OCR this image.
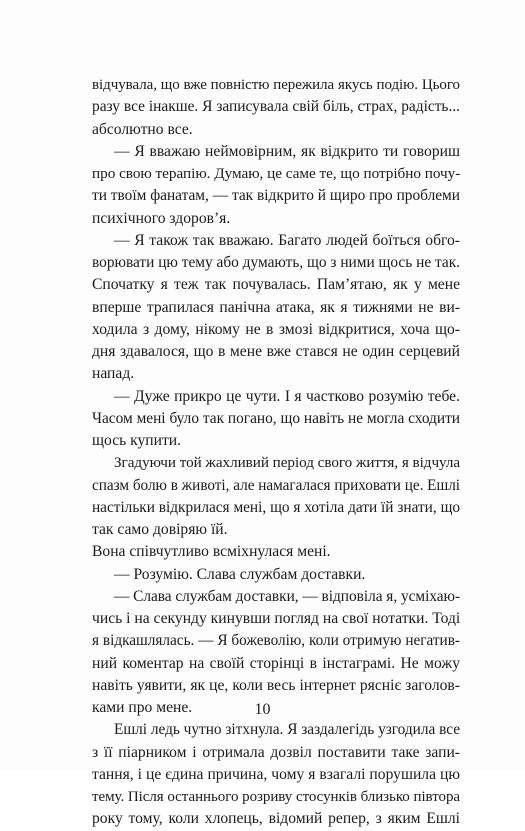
відчувала, що вже повністю пережила якусь подію. Цього
разу все інакше. Я записувала свій біль, страх, радість...
абсолютно все.
— Я вважаю неймовірним, як відкрито ти говориш
про свою терапію. Думаю, це саме те, що потрібно почу-
ти твоїм фанатам, — так відкрито й щиро про проблеми
психічного здоров’я.
— Я також так вважаю. Багато людей боїться обго-
ворювати цю тему або думають, що з ними щось не так.
Спочатку я теж так почувалась. Пам’ятаю, як у мене
вперше трапилася панічна атака, як я тижнями не ви-
ходила з дому, нікому не в змозі відкритися, хоча що-
дня здавалося, що в мене вже стався не один серцевий
напад.
— Дуже прикро це чути. І я частково розумію тебе.
Часом мені було так погано, що навіть не могла сходити
щось купити.
Згадуючи той жахливий період свого життя, я відчула
спазм болю в животі, але намагалася приховати це. Ешлі
настільки відкрилася мені, що я хотіла дати їй знати, що
так само довіряю їй.
Вона співчутливо всміхнулася мені.
— Розумію. Слава службам доставки.
— Слава службам доставки, — відповіла я, усміхаю-
чись і на секунду кинувши погляд на свої нотатки. Тоді
я відкашлялась. — Я божеволію, коли отримую негатив-
ний коментар на своїй сторінці в інстаграмі. Не можу
навіть уявити, як це, коли весь інтернет рясніє заголов-
ками про мене.
Ешлі ледь чутно зітхнула. Я заздалегідь узгодила все
з її піарником і отримала дозвіл поставити таке запи-
тання, і це єдина причина, чому я взагалі порушила цю
тему. Після останнього розриву стосунків близько півтора
року тому, коли хлопець, відомий репер, з яким Ешлі
10
